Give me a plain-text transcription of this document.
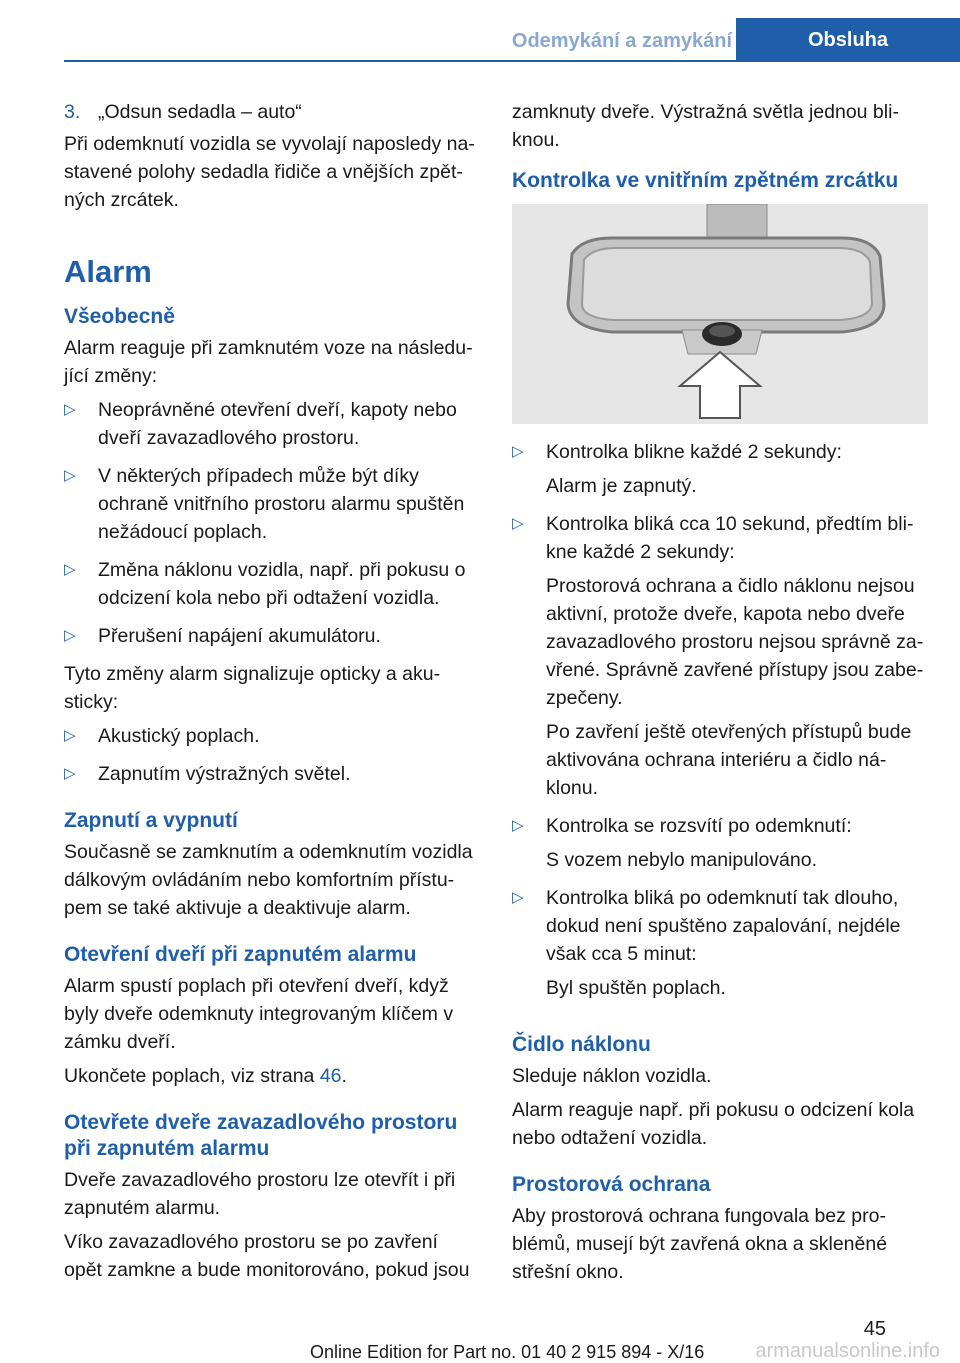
Odemykání a zamykání	Obsluha
3. „Odsun sedadla – auto“

Při odemknutí vozidla se vyvolají naposledy na-stavené polohy sedadla řidiče a vnějších zpět-ných zrcátek.

Alarm
Všeobecně

Alarm reaguje při zamknutém voze na následu-jící změny:

▷ Neoprávněné otevření dveří, kapoty nebo dveří zavazadlového prostoru.
▷ V některých případech může být díky ochraně vnitřního prostoru alarmu spuštěn nežádoucí poplach.
▷ Změna náklonu vozidla, např. při pokusu o odcizení kola nebo při odtažení vozidla.
▷ Přerušení napájení akumulátoru.

Tyto změny alarm signalizuje opticky a aku-sticky:

▷ Akustický poplach.
▷ Zapnutím výstražných světel.
Zapnutí a vypnutí

Současně se zamknutím a odemknutím vozidla dálkovým ovládáním nebo komfortním přístu-pem se také aktivuje a deaktivuje alarm.

Otevření dveří při zapnutém alarmu

Alarm spustí poplach při otevření dveří, když byly dveře odemknuty integrovaným klíčem v zámku dveří.

Ukončete poplach, viz strana 46.

Otevřete dveře zavazadlového prostoru při zapnutém alarmu

Dveře zavazadlového prostoru lze otevřít i při zapnutém alarmu.

Víko zavazadlového prostoru se po zavření opět zamkne a bude monitorováno, pokud jsou

zamknuty dveře. Výstražná světla jednou bli-knou.

Kontrolka ve vnitřním zpětném zrcátku
▷ Kontrolka blikne každé 2 sekundy:
Alarm je zapnutý.
▷ Kontrolka bliká cca 10 sekund, předtím bli-kne každé 2 sekundy:
Prostorová ochrana a čidlo náklonu nejsou aktivní, protože dveře, kapota nebo dveře zavazadlového prostoru nejsou správně za-vřené. Správně zavřené přístupy jsou zabe-zpečeny.
Po zavření ještě otevřených přístupů bude aktivována ochrana interiéru a čidlo ná-klonu.
▷ Kontrolka se rozsvítí po odemknutí:
S vozem nebylo manipulováno.
▷ Kontrolka bliká po odemknutí tak dlouho, dokud není spuštěno zapalování, nejdéle však cca 5 minut:
Byl spuštěn poplach.
Čidlo náklonu

Sleduje náklon vozidla.

Alarm reaguje např. při pokusu o odcizení kola nebo odtažení vozidla.

Prostorová ochrana

Aby prostorová ochrana fungovala bez pro-blémů, musejí být zavřená okna a skleněné střešní okno.

45
Online Edition for Part no. 01 40 2 915 894 - X/16	armanualsonline.info
